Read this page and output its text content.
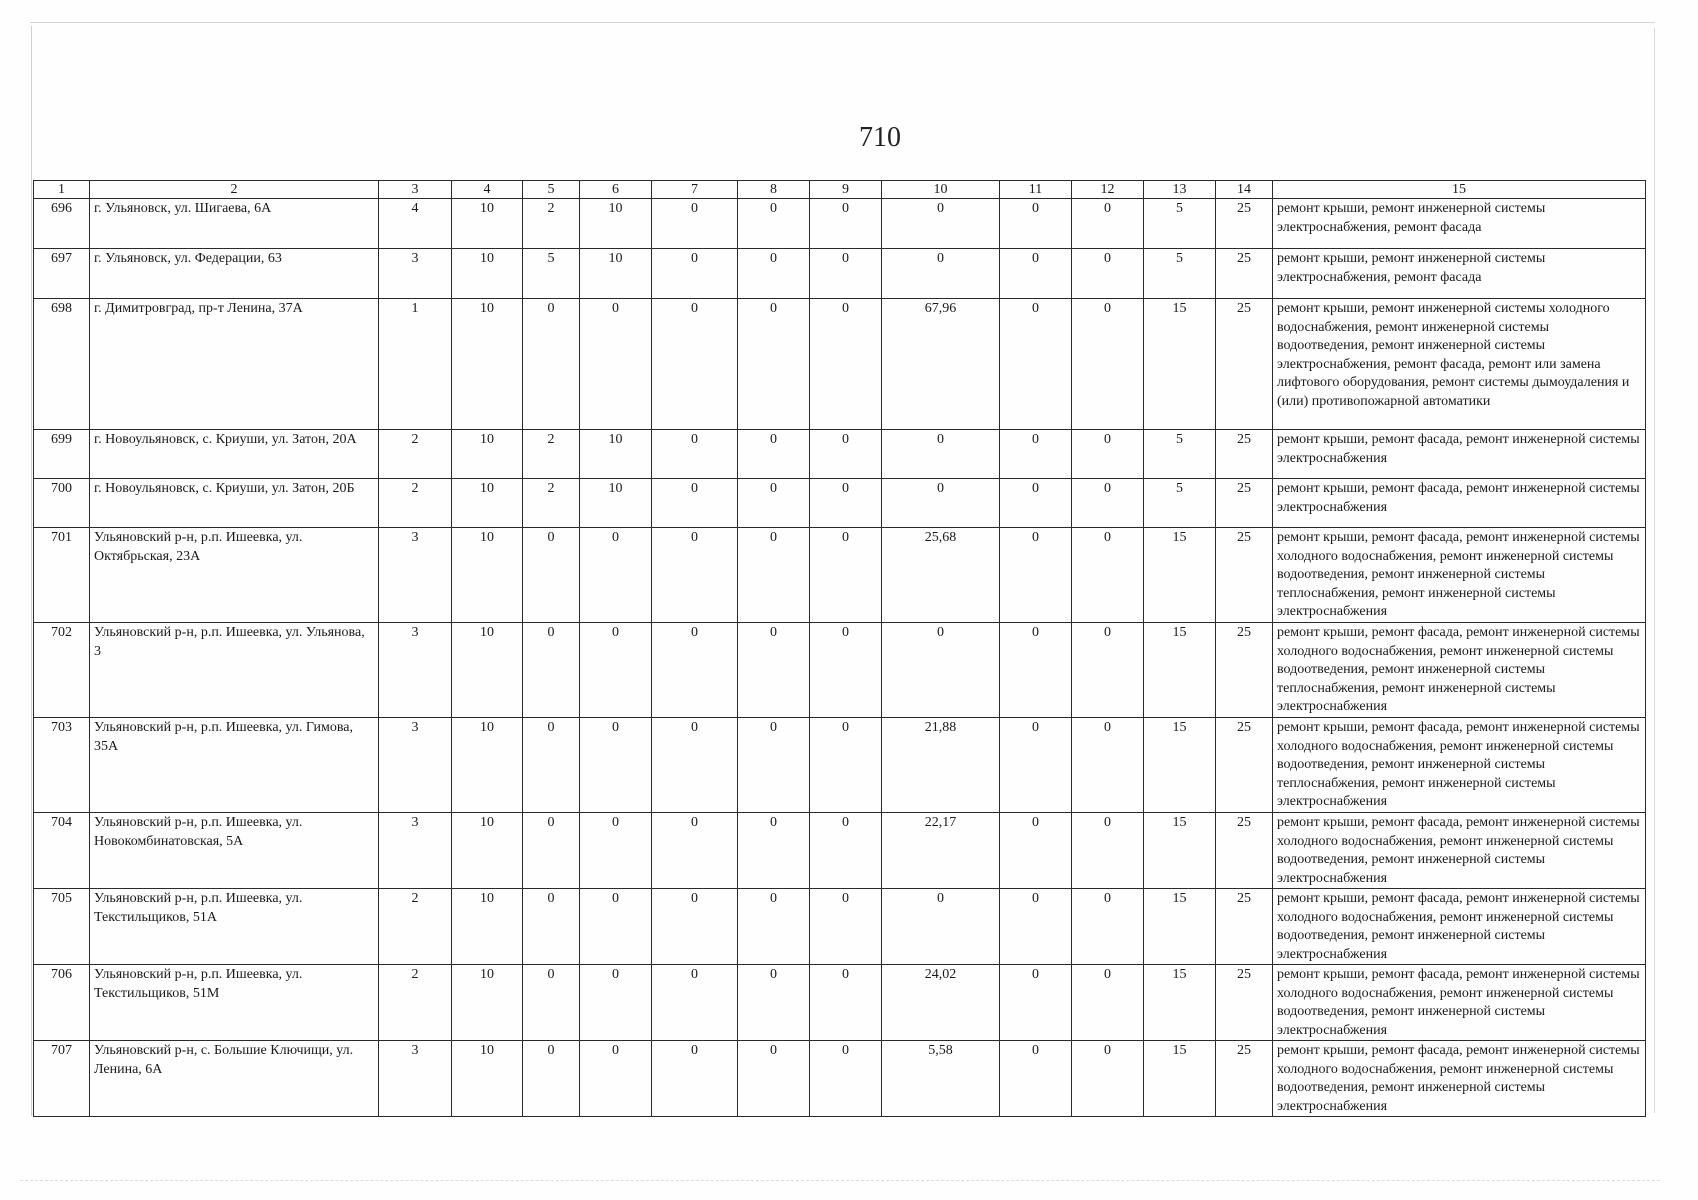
710
1	2	3	4	5	6	7	8	9	10	11	12	13	14	15
696	г. Ульяновск, ул. Шигаева, 6А	4	10	2	10	0	0	0	0	0	0	5	25	ремонт крыши, ремонт инженерной системы электроснабжения, ремонт фасада
697	г. Ульяновск, ул. Федерации, 63	3	10	5	10	0	0	0	0	0	0	5	25	ремонт крыши, ремонт инженерной системы электроснабжения, ремонт фасада
698	г. Димитровград, пр-т Ленина, 37А	1	10	0	0	0	0	0	67,96	0	0	15	25	ремонт крыши, ремонт инженерной системы холодного водоснабжения, ремонт инженерной системы водоотведения, ремонт инженерной системы электроснабжения, ремонт фасада, ремонт или замена лифтового оборудования, ремонт системы дымоудаления и (или) противопожарной автоматики
699	г. Новоульяновск, с. Криуши, ул. Затон, 20А	2	10	2	10	0	0	0	0	0	0	5	25	ремонт крыши, ремонт фасада, ремонт инженерной системы электроснабжения
700	г. Новоульяновск, с. Криуши, ул. Затон, 20Б	2	10	2	10	0	0	0	0	0	0	5	25	ремонт крыши, ремонт фасада, ремонт инженерной системы электроснабжения
701	Ульяновский р-н, р.п. Ишеевка, ул. Октябрьская, 23А	3	10	0	0	0	0	0	25,68	0	0	15	25	ремонт крыши, ремонт фасада, ремонт инженерной системы холодного водоснабжения, ремонт инженерной системы водоотведения, ремонт инженерной системы теплоснабжения, ремонт инженерной системы электроснабжения
702	Ульяновский р-н, р.п. Ишеевка, ул. Ульянова, 3	3	10	0	0	0	0	0	0	0	0	15	25	ремонт крыши, ремонт фасада, ремонт инженерной системы холодного водоснабжения, ремонт инженерной системы водоотведения, ремонт инженерной системы теплоснабжения, ремонт инженерной системы электроснабжения
703	Ульяновский р-н, р.п. Ишеевка, ул. Гимова, 35А	3	10	0	0	0	0	0	21,88	0	0	15	25	ремонт крыши, ремонт фасада, ремонт инженерной системы холодного водоснабжения, ремонт инженерной системы водоотведения, ремонт инженерной системы теплоснабжения, ремонт инженерной системы электроснабжения
704	Ульяновский р-н, р.п. Ишеевка, ул. Новокомбинатовская, 5А	3	10	0	0	0	0	0	22,17	0	0	15	25	ремонт крыши, ремонт фасада, ремонт инженерной системы холодного водоснабжения, ремонт инженерной системы водоотведения, ремонт инженерной системы электроснабжения
705	Ульяновский р-н, р.п. Ишеевка, ул. Текстильщиков, 51А	2	10	0	0	0	0	0	0	0	0	15	25	ремонт крыши, ремонт фасада, ремонт инженерной системы холодного водоснабжения, ремонт инженерной системы водоотведения, ремонт инженерной системы электроснабжения
706	Ульяновский р-н, р.п. Ишеевка, ул. Текстильщиков, 51М	2	10	0	0	0	0	0	24,02	0	0	15	25	ремонт крыши, ремонт фасада, ремонт инженерной системы холодного водоснабжения, ремонт инженерной системы водоотведения, ремонт инженерной системы электроснабжения
707	Ульяновский р-н, с. Большие Ключищи, ул. Ленина, 6А	3	10	0	0	0	0	0	5,58	0	0	15	25	ремонт крыши, ремонт фасада, ремонт инженерной системы холодного водоснабжения, ремонт инженерной системы водоотведения, ремонт инженерной системы электроснабжения
